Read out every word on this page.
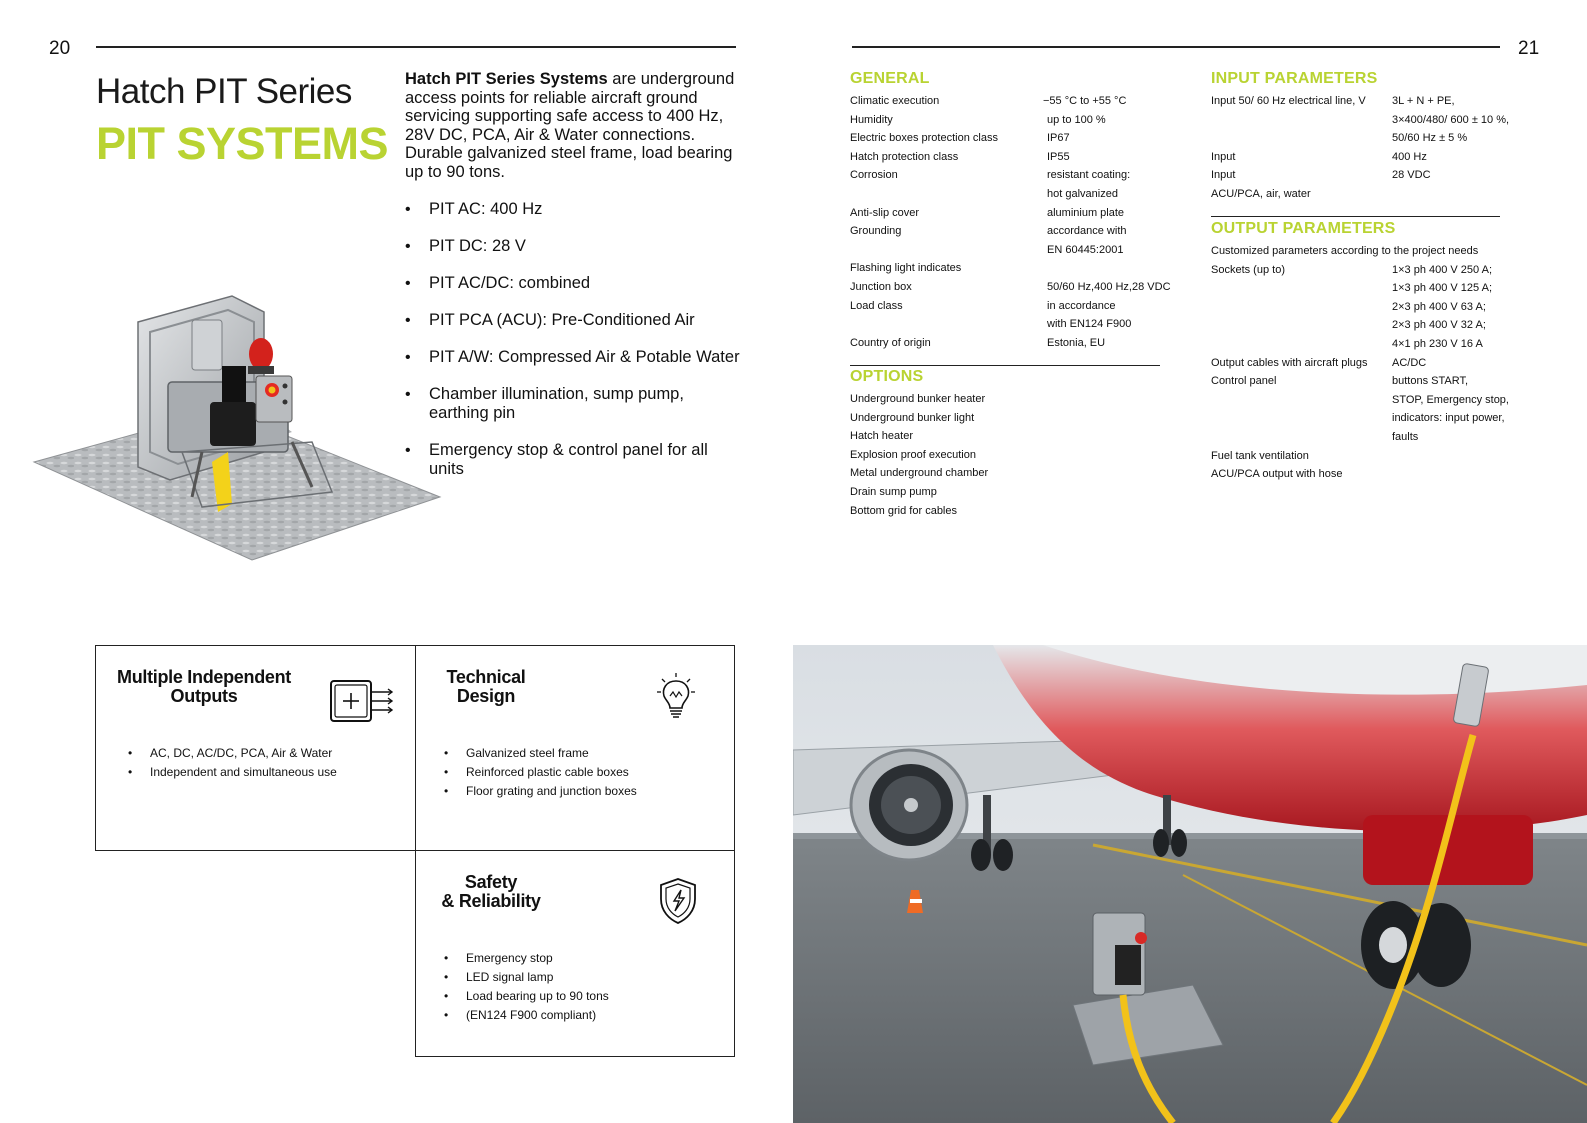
20
Hatch PIT Series
PIT SYSTEMS

Hatch PIT Series Systems are underground access points for reliable aircraft ground servicing supporting safe access to 400 Hz, 28V DC, PCA, Air & Water connections. Durable galvanized steel frame, load bearing up to 90 tons.

• PIT AC: 400 Hz
• PIT DC: 28 V
• PIT AC/DC: combined
• PIT PCA (ACU): Pre-Conditioned Air
• PIT A/W: Compressed Air & Potable Water
• Chamber illumination, sump pump, earthing pin
• Emergency stop & control panel for all units
Multiple Independent
Outputs
• AC, DC, AC/DC, PCA, Air & Water
• Independent and simultaneous use
Technical
Design
• Galvanized steel frame
• Reinforced plastic cable boxes
• Floor grating and junction boxes
Safety
& Reliability
• Emergency stop
• LED signal lamp
• Load bearing up to 90 tons
• (EN124 F900 compliant)
21
GENERAL
Climatic execution	−55 °C to +55 °C
Humidity	up to 100 %
Electric boxes protection class	IP67
Hatch protection class	IP55
Corrosion	resistant coating:
hot galvanized
Anti-slip cover	aluminium plate
Grounding	accordance with
EN 60445:2001
Flashing light indicates
Junction box	50/60 Hz,400 Hz,28 VDC
Load class	in accordance
with EN124 F900
Country of origin	Estonia, EU
OPTIONS
Underground bunker heater
Underground bunker light
Hatch heater
Explosion proof execution
Metal underground chamber
Drain sump pump
Bottom grid for cables
INPUT PARAMETERS
Input 50/ 60 Hz electrical line, V	3L + N + PE,
3×400/480/ 600 ± 10 %,
50/60 Hz ± 5 %
Input	400 Hz
Input	28 VDC
ACU/PCA, air, water
OUTPUT PARAMETERS
Customized parameters according to the project needs
Sockets (up to)	1×3 ph 400 V 250 A;
1×3 ph 400 V 125 A;
2×3 ph 400 V 63 A;
2×3 ph 400 V 32 A;
4×1 ph 230 V 16 A
Output cables with aircraft plugs	AC/DC
Control panel	buttons START,
STOP, Emergency stop,
indicators: input power,
faults
Fuel tank ventilation
ACU/PCA output with hose
